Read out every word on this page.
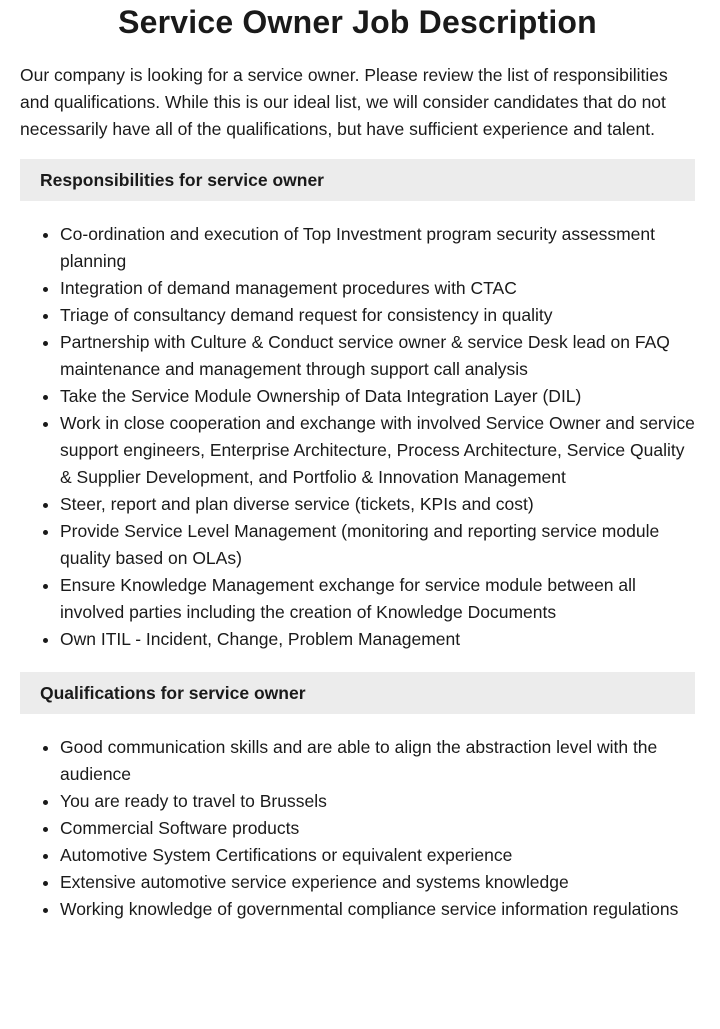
Service Owner Job Description

Our company is looking for a service owner. Please review the list of responsibilities and qualifications. While this is our ideal list, we will consider candidates that do not necessarily have all of the qualifications, but have sufficient experience and talent.

Responsibilities for service owner
• Co-ordination and execution of Top Investment program security assessment planning
• Integration of demand management procedures with CTAC
• Triage of consultancy demand request for consistency in quality
• Partnership with Culture & Conduct service owner & service Desk lead on FAQ maintenance and management through support call analysis
• Take the Service Module Ownership of Data Integration Layer (DIL)
• Work in close cooperation and exchange with involved Service Owner and service support engineers, Enterprise Architecture, Process Architecture, Service Quality & Supplier Development, and Portfolio & Innovation Management
• Steer, report and plan diverse service (tickets, KPIs and cost)
• Provide Service Level Management (monitoring and reporting service module quality based on OLAs)
• Ensure Knowledge Management exchange for service module between all involved parties including the creation of Knowledge Documents
• Own ITIL - Incident, Change, Problem Management
Qualifications for service owner
• Good communication skills and are able to align the abstraction level with the audience
• You are ready to travel to Brussels
• Commercial Software products
• Automotive System Certifications or equivalent experience
• Extensive automotive service experience and systems knowledge
• Working knowledge of governmental compliance service information regulations
